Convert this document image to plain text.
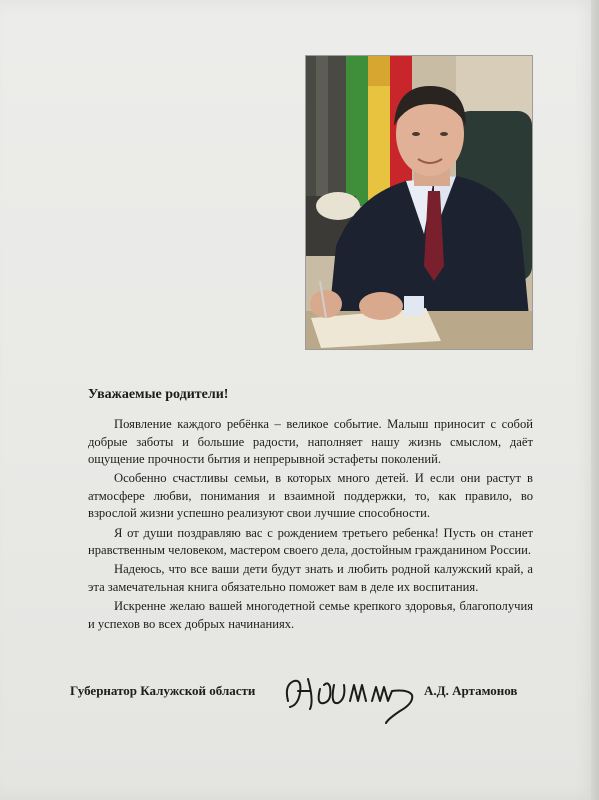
Уважаемые родители!

Появление каждого ребёнка – великое событие. Малыш приносит с собой добрые заботы и большие радости, наполняет нашу жизнь смыслом, даёт ощущение прочности бытия и непрерывной эстафеты поколений.

Особенно счастливы семьи, в которых много детей. И если они растут в атмосфере любви, понимания и взаимной поддержки, то, как правило, во взрослой жизни успешно реализуют свои лучшие способности.

Я от души поздравляю вас с рождением третьего ребенка! Пусть он станет нравственным человеком, мастером своего дела, достойным гражданином России.

Надеюсь, что все ваши дети будут знать и любить родной калужский край, а эта замечательная книга обязательно поможет вам в деле их воспитания.

Искренне желаю вашей многодетной семье крепкого здоровья, благополучия и успехов во всех добрых начинаниях.

Губернатор Калужской области	А.Д. Артамонов
